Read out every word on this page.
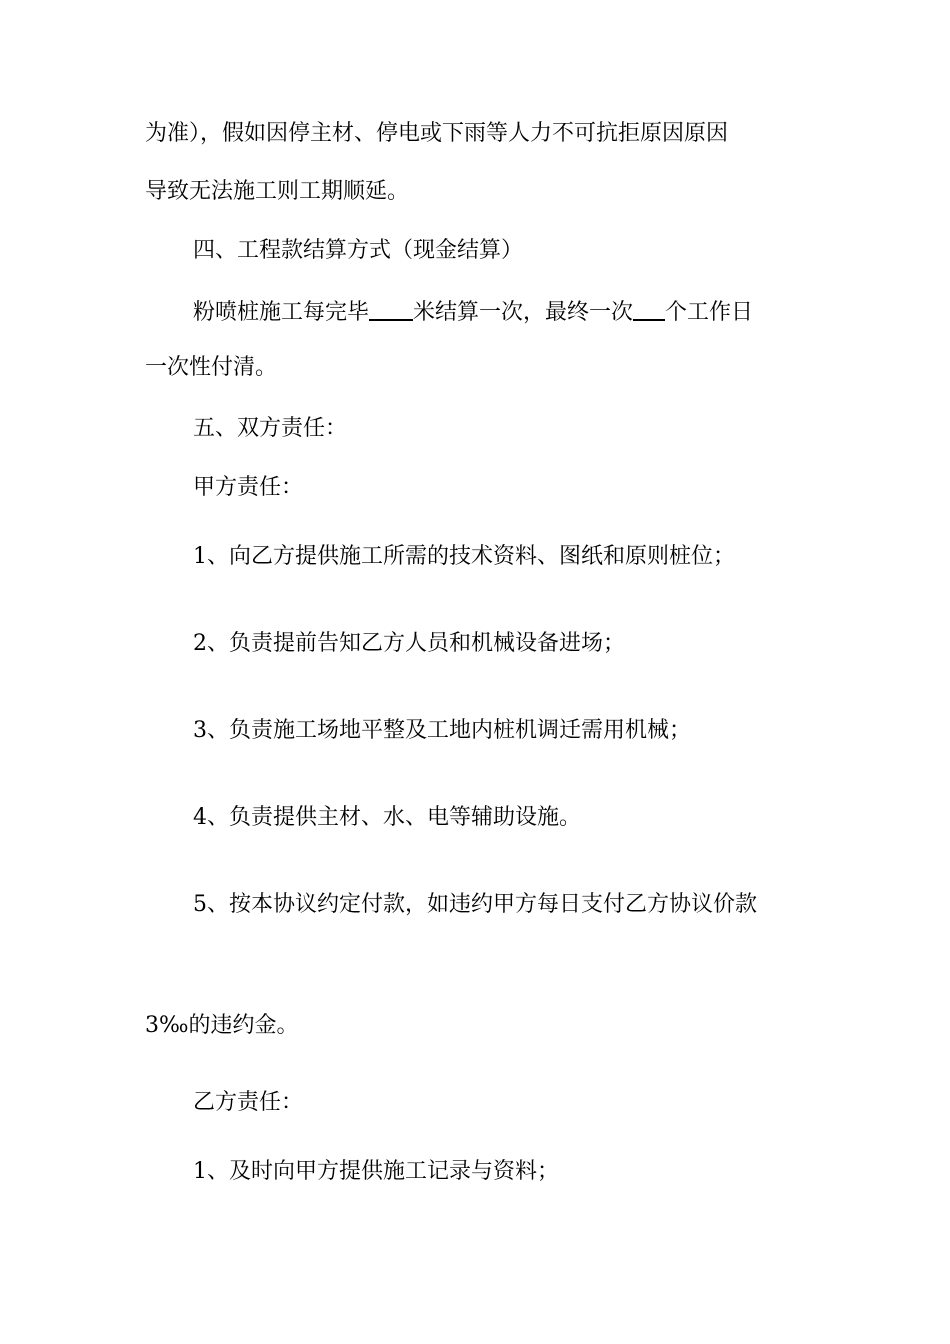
为准），假如因停主材、停电或下雨等人力不可抗拒原因原因
导致无法施工则工期顺延。
四、工程款结算方式（现金结算）
粉喷桩施工每完毕 米结算一次，最终一次 个工作日
一次性付清。
五、双方责任：
甲方责任：
1、向乙方提供施工所需的技术资料、图纸和原则桩位；
2、负责提前告知乙方人员和机械设备进场；
3、负责施工场地平整及工地内桩机调迁需用机械；
4、负责提供主材、水、电等辅助设施。
5、按本协议约定付款，如违约甲方每日支付乙方协议价款
3‰的违约金。
乙方责任：
1、及时向甲方提供施工记录与资料；
